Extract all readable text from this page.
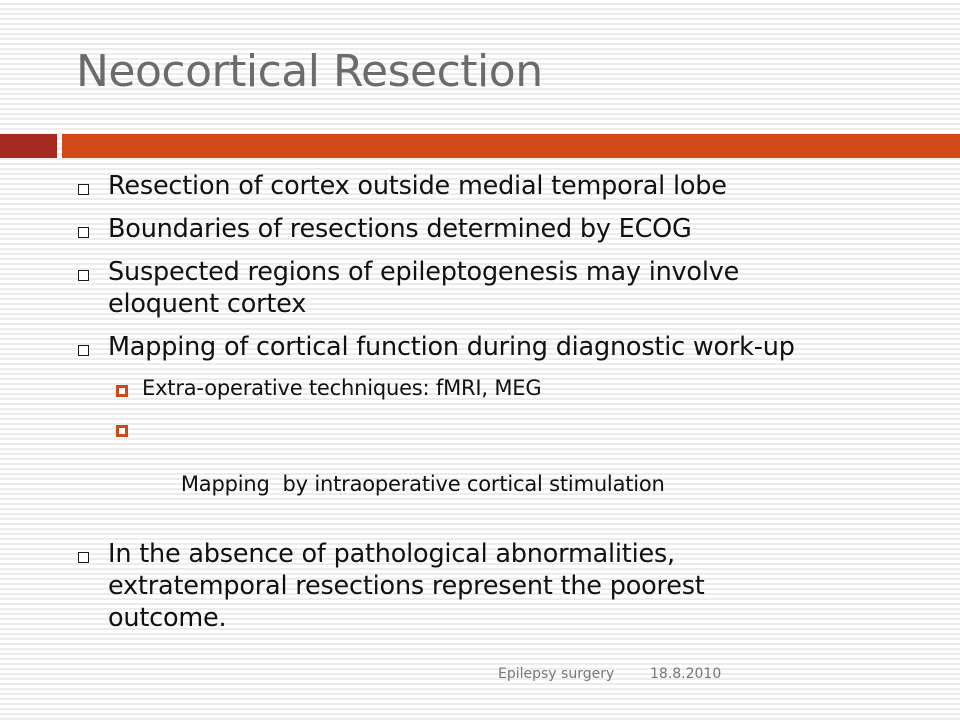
Neocortical Resection
Resection of cortex outside medial temporal lobe
Boundaries of resections determined by ECOG
Suspected regions of epileptogenesis may involve eloquent cortex
Mapping of cortical function during diagnostic work-up
Extra-operative techniques: fMRI, MEG

Mapping  by intraoperative cortical stimulation

In the absence of pathological abnormalities, extratemporal resections represent the poorest outcome.
Epilepsy surgery	18.8.2010
